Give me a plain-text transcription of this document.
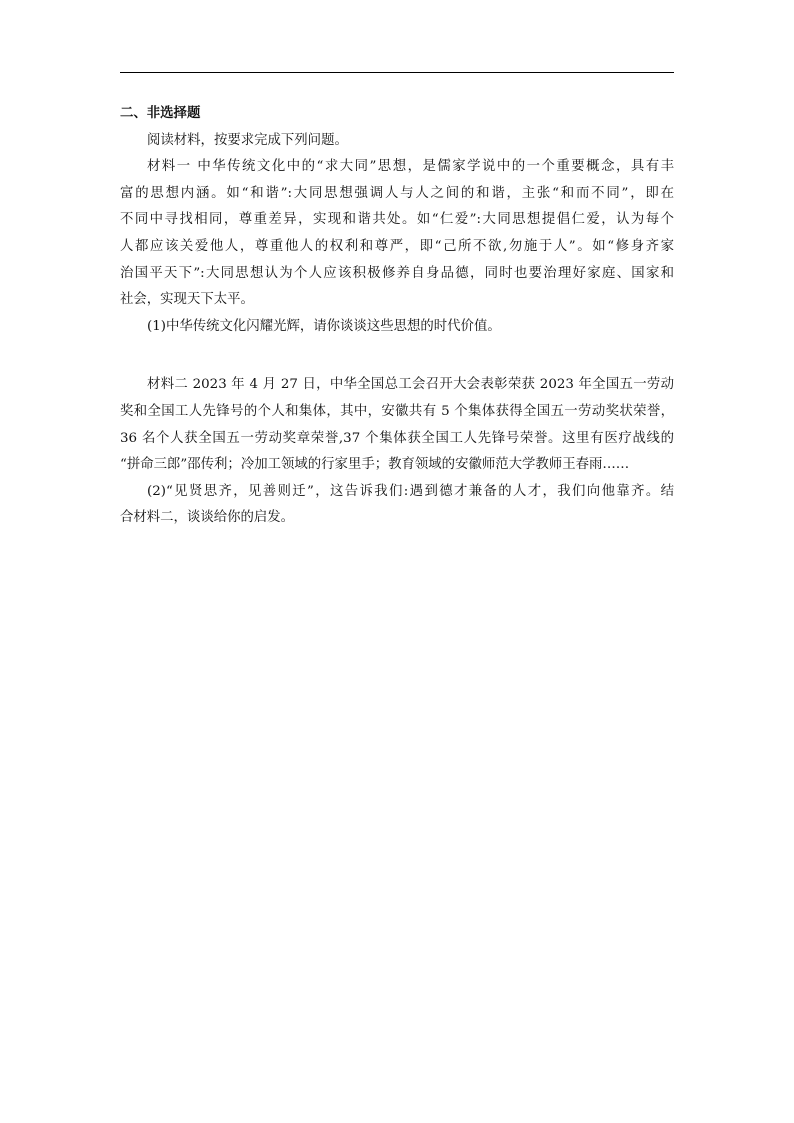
二、非选择题

阅读材料，按要求完成下列问题。
材料一 中华传统文化中的“求大同”思想，是儒家学说中的一个重要概念，具有丰
富的思想内涵。如“和谐”:大同思想强调人与人之间的和谐，主张“和而不同”，即在
不同中寻找相同，尊重差异，实现和谐共处。如“仁爱”:大同思想提倡仁爱，认为每个
人都应该关爱他人，尊重他人的权利和尊严，即“己所不欲,勿施于人”。如“修身齐家
治国平天下”:大同思想认为个人应该积极修养自身品德，同时也要治理好家庭、国家和
社会，实现天下太平。
(1)中华传统文化闪耀光辉，请你谈谈这些思想的时代价值。
材料二 2023 年 4 月 27 日，中华全国总工会召开大会表彰荣获 2023 年全国五一劳动
奖和全国工人先锋号的个人和集体，其中，安徽共有 5 个集体获得全国五一劳动奖状荣誉，
36 名个人获全国五一劳动奖章荣誉,37 个集体获全国工人先锋号荣誉。这里有医疗战线的
“拼命三郎”邵传利；冷加工领域的行家里手；教育领域的安徽师范大学教师王春雨……
(2)“见贤思齐，见善则迁”，这告诉我们:遇到德才兼备的人才，我们向他靠齐。结
合材料二，谈谈给你的启发。
